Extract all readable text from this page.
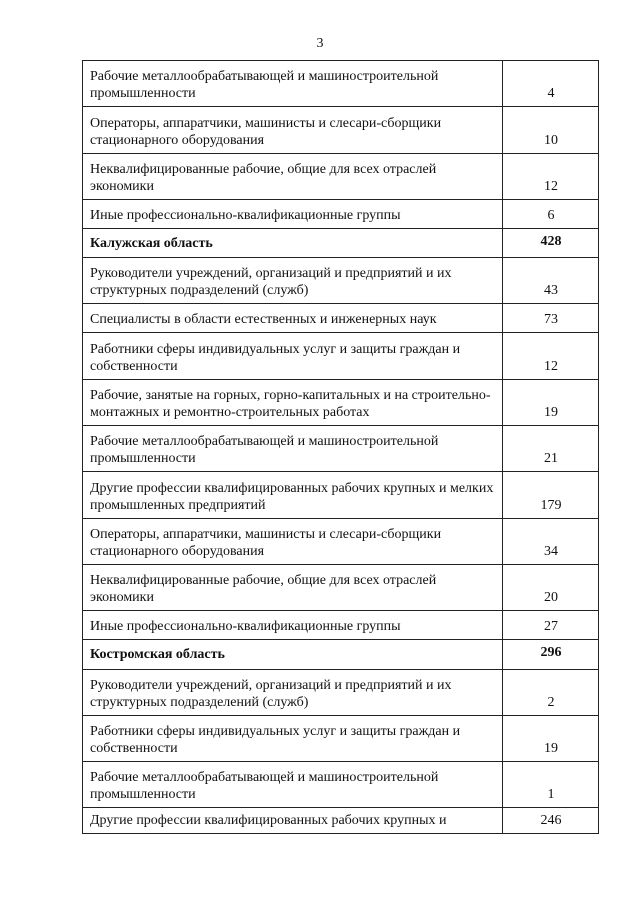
3
Рабочие металлообрабатывающей и машиностроительной промышленности	4
Операторы, аппаратчики, машинисты и слесари-сборщики стационарного оборудования	10
Неквалифицированные рабочие, общие для всех отраслей экономики	12
Иные профессионально-квалификационные группы	6
Калужская область	428
Руководители учреждений, организаций и предприятий и их структурных подразделений (служб)	43
Специалисты в области естественных и инженерных наук	73
Работники сферы индивидуальных услуг и защиты граждан и собственности	12
Рабочие, занятые на горных, горно-капитальных и на строительно-монтажных и ремонтно-строительных работах	19
Рабочие металлообрабатывающей и машиностроительной промышленности	21
Другие профессии квалифицированных рабочих крупных и мелких промышленных предприятий	179
Операторы, аппаратчики, машинисты и слесари-сборщики стационарного оборудования	34
Неквалифицированные рабочие, общие для всех отраслей экономики	20
Иные профессионально-квалификационные группы	27
Костромская область	296
Руководители учреждений, организаций и предприятий и их структурных подразделений (служб)	2
Работники сферы индивидуальных услуг и защиты граждан и собственности	19
Рабочие металлообрабатывающей и машиностроительной промышленности	1
Другие профессии квалифицированных рабочих крупных и	246
